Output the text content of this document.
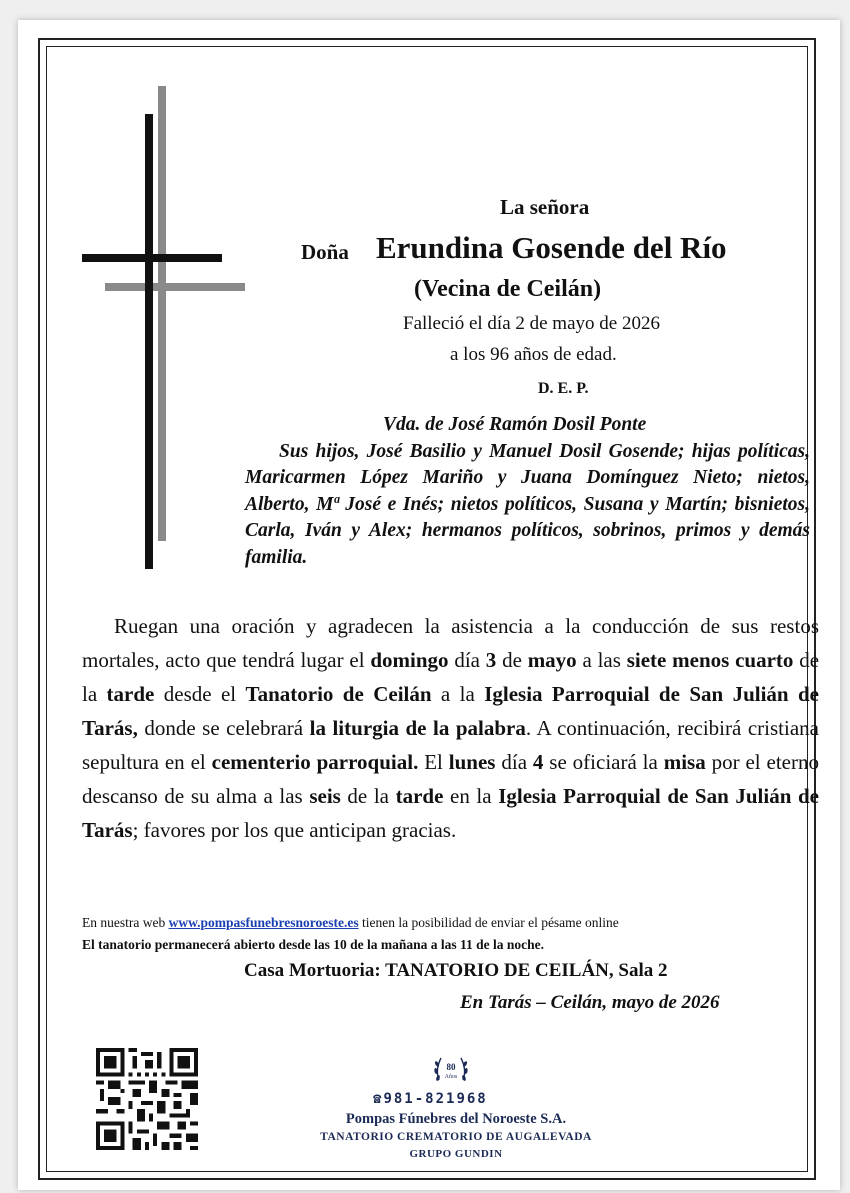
La señora
Doña Erundina Gosende del Río
(Vecina de Ceilán)
Falleció el día 2 de mayo de 2026
a los 96 años de edad.
D. E. P.
Vda. de José Ramón Dosil Ponte
Sus hijos, José Basilio y Manuel Dosil Gosende; hijas políticas, Maricarmen López Mariño y Juana Domínguez Nieto; nietos, Alberto, Mª José e Inés; nietos políticos, Susana y Martín; bisnietos, Carla, Iván y Alex; hermanos políticos, sobrinos, primos y demás familia.
Ruegan una oración y agradecen la asistencia a la conducción de sus restos mortales, acto que tendrá lugar el domingo día 3 de mayo a las siete menos cuarto de la tarde desde el Tanatorio de Ceilán a la Iglesia Parroquial de San Julián de Tarás, donde se celebrará la liturgia de la palabra. A continuación, recibirá cristiana sepultura en el cementerio parroquial. El lunes día 4 se oficiará la misa por el eterno descanso de su alma a las seis de la tarde en la Iglesia Parroquial de San Julián de Tarás; favores por los que anticipan gracias.
En nuestra web www.pompasfunebresnoroeste.es tienen la posibilidad de enviar el pésame online
El tanatorio permanecerá abierto desde las 10 de la mañana a las 11 de la noche.
Casa Mortuoria: TANATORIO DE CEILÁN, Sala 2
En Tarás – Ceilán, mayo de 2026
80
Años
☎981-821968
Pompas Fúnebres del Noroeste S.A.
TANATORIO CREMATORIO DE AUGALEVADA
GRUPO GUNDIN
